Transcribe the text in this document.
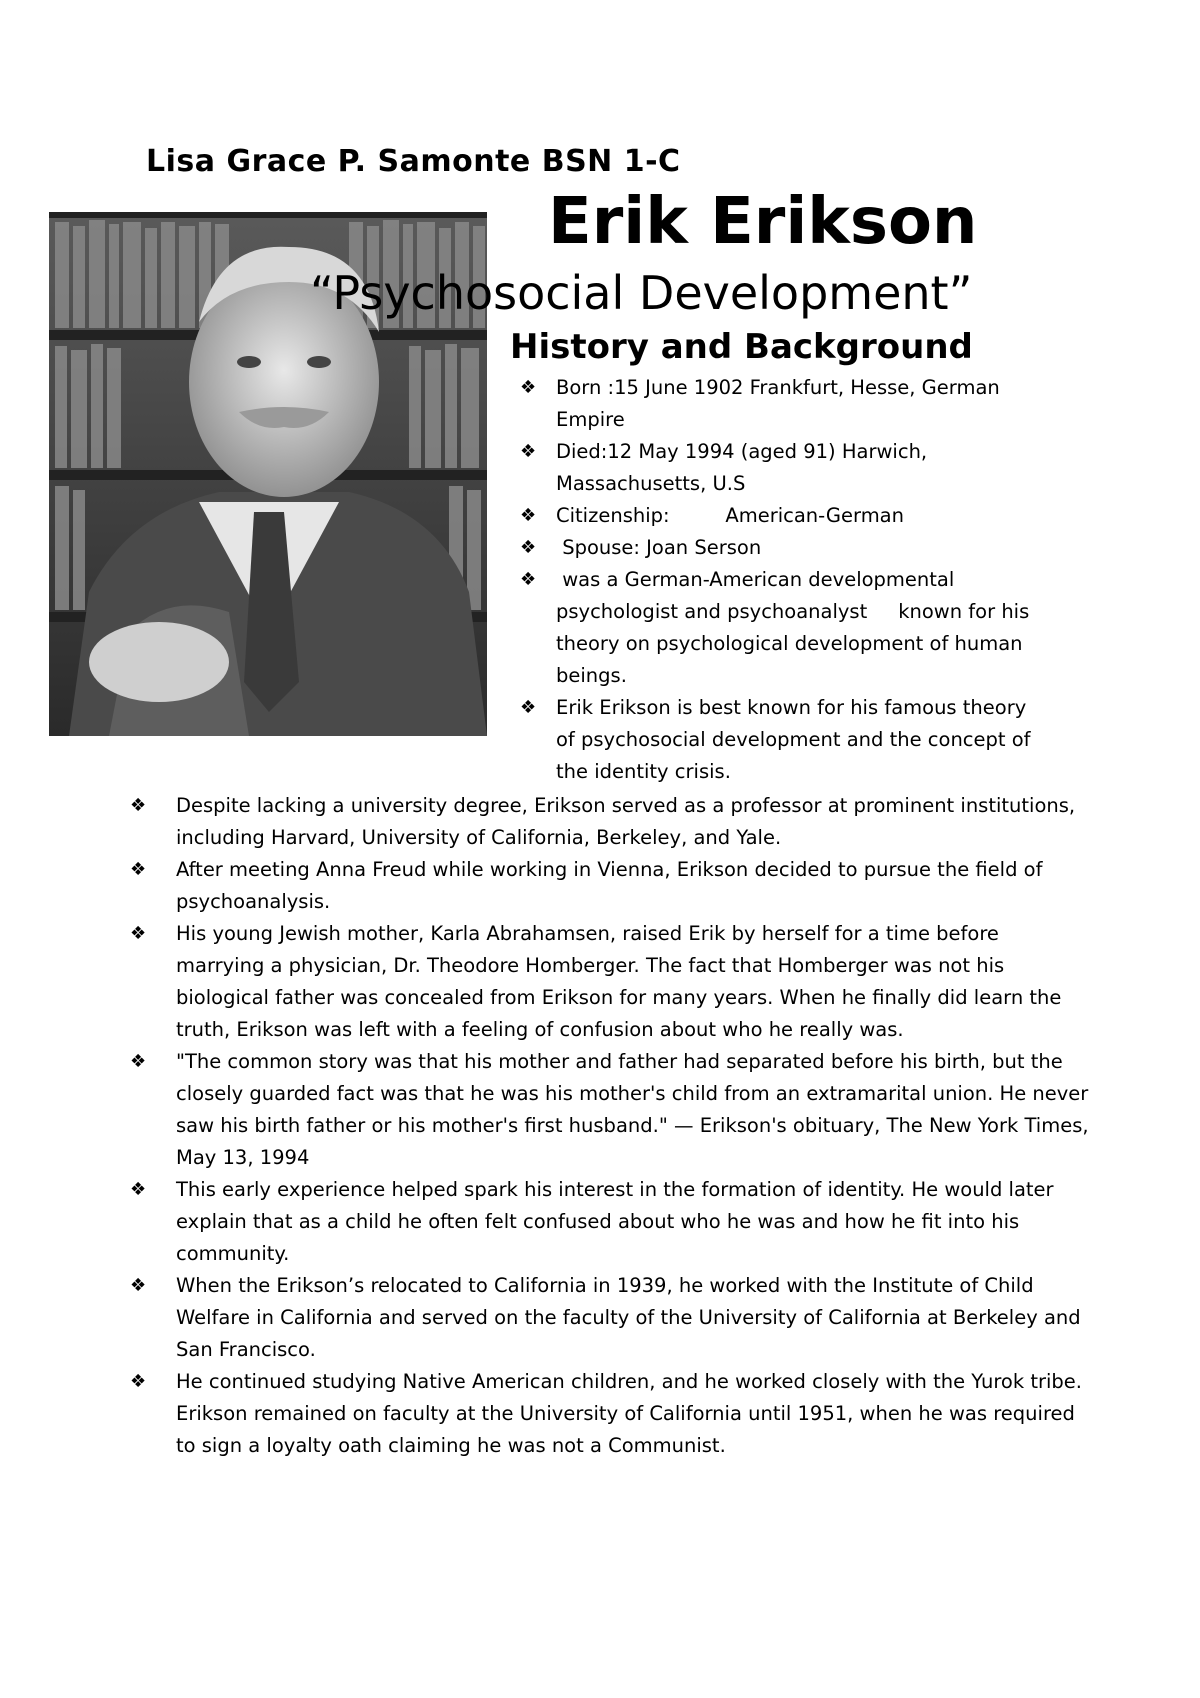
Lisa Grace P. Samonte BSN 1-C
Erik Erikson
“Psychosocial Development”
History and Background
❖ Born :15 June 1902 Frankfurt, Hesse, German Empire
❖ Died:12 May 1994 (aged 91) Harwich, Massachusetts, U.S
❖ Citizenship:         American-German
❖ Spouse: Joan Serson
❖ was a German-American developmental psychologist and psychoanalyst     known for his theory on psychological development of human beings.
❖ Erik Erikson is best known for his famous theory of psychosocial development and the concept of the identity crisis.
❖ Despite lacking a university degree, Erikson served as a professor at prominent institutions, including Harvard, University of California, Berkeley, and Yale.
❖ After meeting Anna Freud while working in Vienna, Erikson decided to pursue the field of psychoanalysis.
❖ His young Jewish mother, Karla Abrahamsen, raised Erik by herself for a time before marrying a physician, Dr. Theodore Homberger. The fact that Homberger was not his biological father was concealed from Erikson for many years. When he finally did learn the truth, Erikson was left with a feeling of confusion about who he really was.
❖ "The common story was that his mother and father had separated before his birth, but the closely guarded fact was that he was his mother's child from an extramarital union. He never saw his birth father or his mother's first husband." — Erikson's obituary, The New York Times, May 13, 1994
❖ This early experience helped spark his interest in the formation of identity. He would later explain that as a child he often felt confused about who he was and how he fit into his community.
❖ When the Erikson’s relocated to California in 1939, he worked with the Institute of Child Welfare in California and served on the faculty of the University of California at Berkeley and San Francisco.
❖ He continued studying Native American children, and he worked closely with the Yurok tribe. Erikson remained on faculty at the University of California until 1951, when he was required to sign a loyalty oath claiming he was not a Communist.
